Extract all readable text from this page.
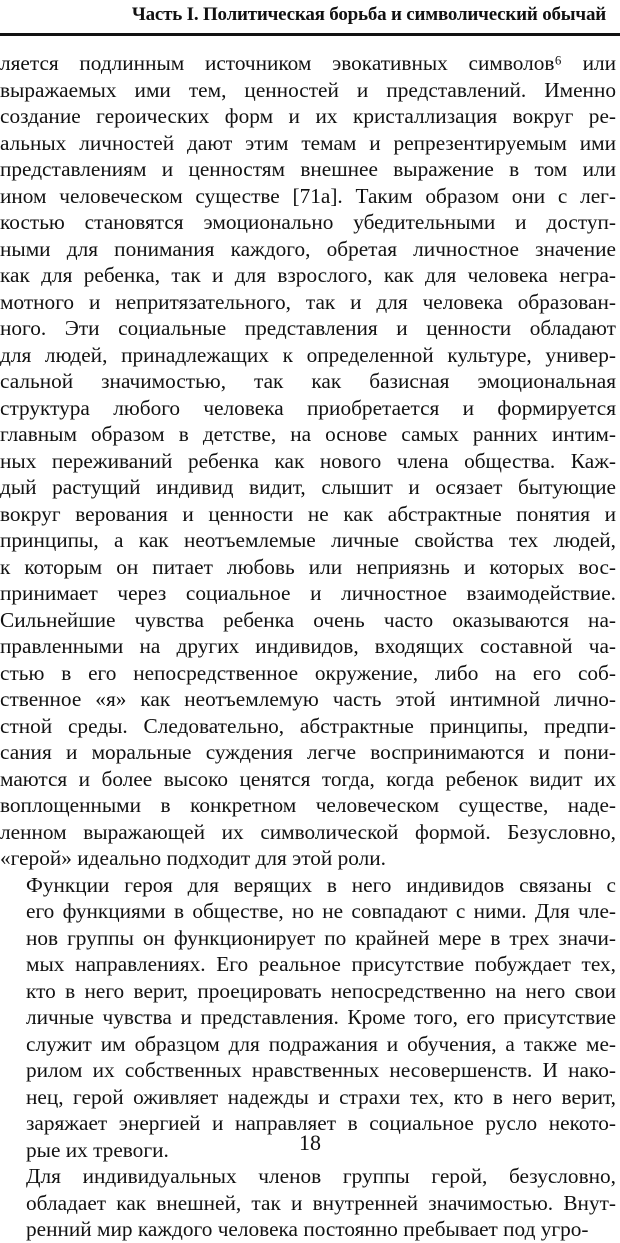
Часть I. Политическая борьба и символический обычай

ляется подлинным источником эвокативных символов⁶ или
выражаемых ими тем, ценностей и представлений. Именно
создание героических форм и их кристаллизация вокруг ре-
альных личностей дают этим темам и репрезентируемым ими
представлениям и ценностям внешнее выражение в том или
ином человеческом существе [71a]. Таким образом они с лег-
костью становятся эмоционально убедительными и доступ-
ными для понимания каждого, обретая личностное значение
как для ребенка, так и для взрослого, как для человека негра-
мотного и непритязательного, так и для человека образован-
ного. Эти социальные представления и ценности обладают
для людей, принадлежащих к определенной культуре, универ-
сальной значимостью, так как базисная эмоциональная
структура любого человека приобретается и формируется
главным образом в детстве, на основе самых ранних интим-
ных переживаний ребенка как нового члена общества. Каж-
дый растущий индивид видит, слышит и осязает бытующие
вокруг верования и ценности не как абстрактные понятия и
принципы, а как неотъемлемые личные свойства тех людей,
к которым он питает любовь или неприязнь и которых вос-
принимает через социальное и личностное взаимодействие.
Сильнейшие чувства ребенка очень часто оказываются на-
правленными на других индивидов, входящих составной ча-
стью в его непосредственное окружение, либо на его соб-
ственное «я» как неотъемлемую часть этой интимной лично-
стной среды. Следовательно, абстрактные принципы, предпи-
сания и моральные суждения легче воспринимаются и пони-
маются и более высоко ценятся тогда, когда ребенок видит их
воплощенными в конкретном человеческом существе, наде-
ленном выражающей их символической формой. Безусловно,
«герой» идеально подходит для этой роли.

Функции героя для верящих в него индивидов связаны с
его функциями в обществе, но не совпадают с ними. Для чле-
нов группы он функционирует по крайней мере в трех значи-
мых направлениях. Его реальное присутствие побуждает тех,
кто в него верит, проецировать непосредственно на него свои
личные чувства и представления. Кроме того, его присутствие
служит им образцом для подражания и обучения, а также ме-
рилом их собственных нравственных несовершенств. И нако-
нец, герой оживляет надежды и страхи тех, кто в него верит,
заряжает энергией и направляет в социальное русло некото-
рые их тревоги.

Для индивидуальных членов группы герой, безусловно,
обладает как внешней, так и внутренней значимостью. Внут-
ренний мир каждого человека постоянно пребывает под угро-

18
